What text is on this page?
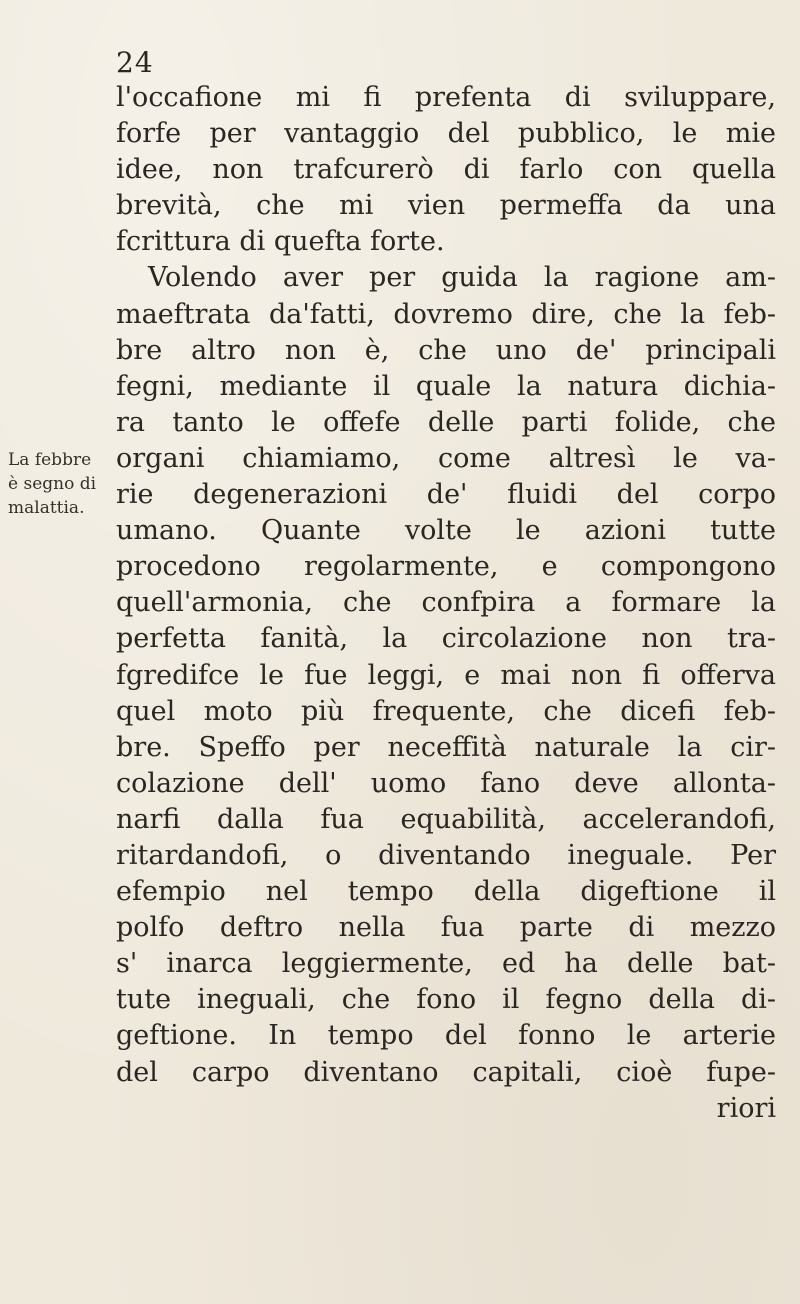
24
La febbre
è segno di
malattia.
l'occafione mi fi prefenta di sviluppare,
forfe per vantaggio del pubblico, le mie
idee, non trafcurerò di farlo con quella
brevità, che mi vien permeffa da una
fcrittura di quefta forte.
Volendo aver per guida la ragione am-
maeftrata da'fatti, dovremo dire, che la feb-
bre altro non è, che uno de' principali
fegni, mediante il quale la natura dichia-
ra tanto le offefe delle parti folide, che
organi chiamiamo, come altresì le va-
rie degenerazioni de' fluidi del corpo
umano. Quante volte le azioni tutte
procedono regolarmente, e compongono
quell'armonia, che confpira a formare la
perfetta fanità, la circolazione non tra-
fgredifce le fue leggi, e mai non fi offerva
quel moto più frequente, che dicefi feb-
bre. Speffo per neceffità naturale la cir-
colazione dell' uomo fano deve allonta-
narfi dalla fua equabilità, accelerandofi,
ritardandofi, o diventando ineguale. Per
efempio nel tempo della digeftione il
polfo deftro nella fua parte di mezzo
s' inarca leggiermente, ed ha delle bat-
tute ineguali, che fono il fegno della di-
geftione. In tempo del fonno le arterie
del carpo diventano capitali, cioè fupe-
riori
